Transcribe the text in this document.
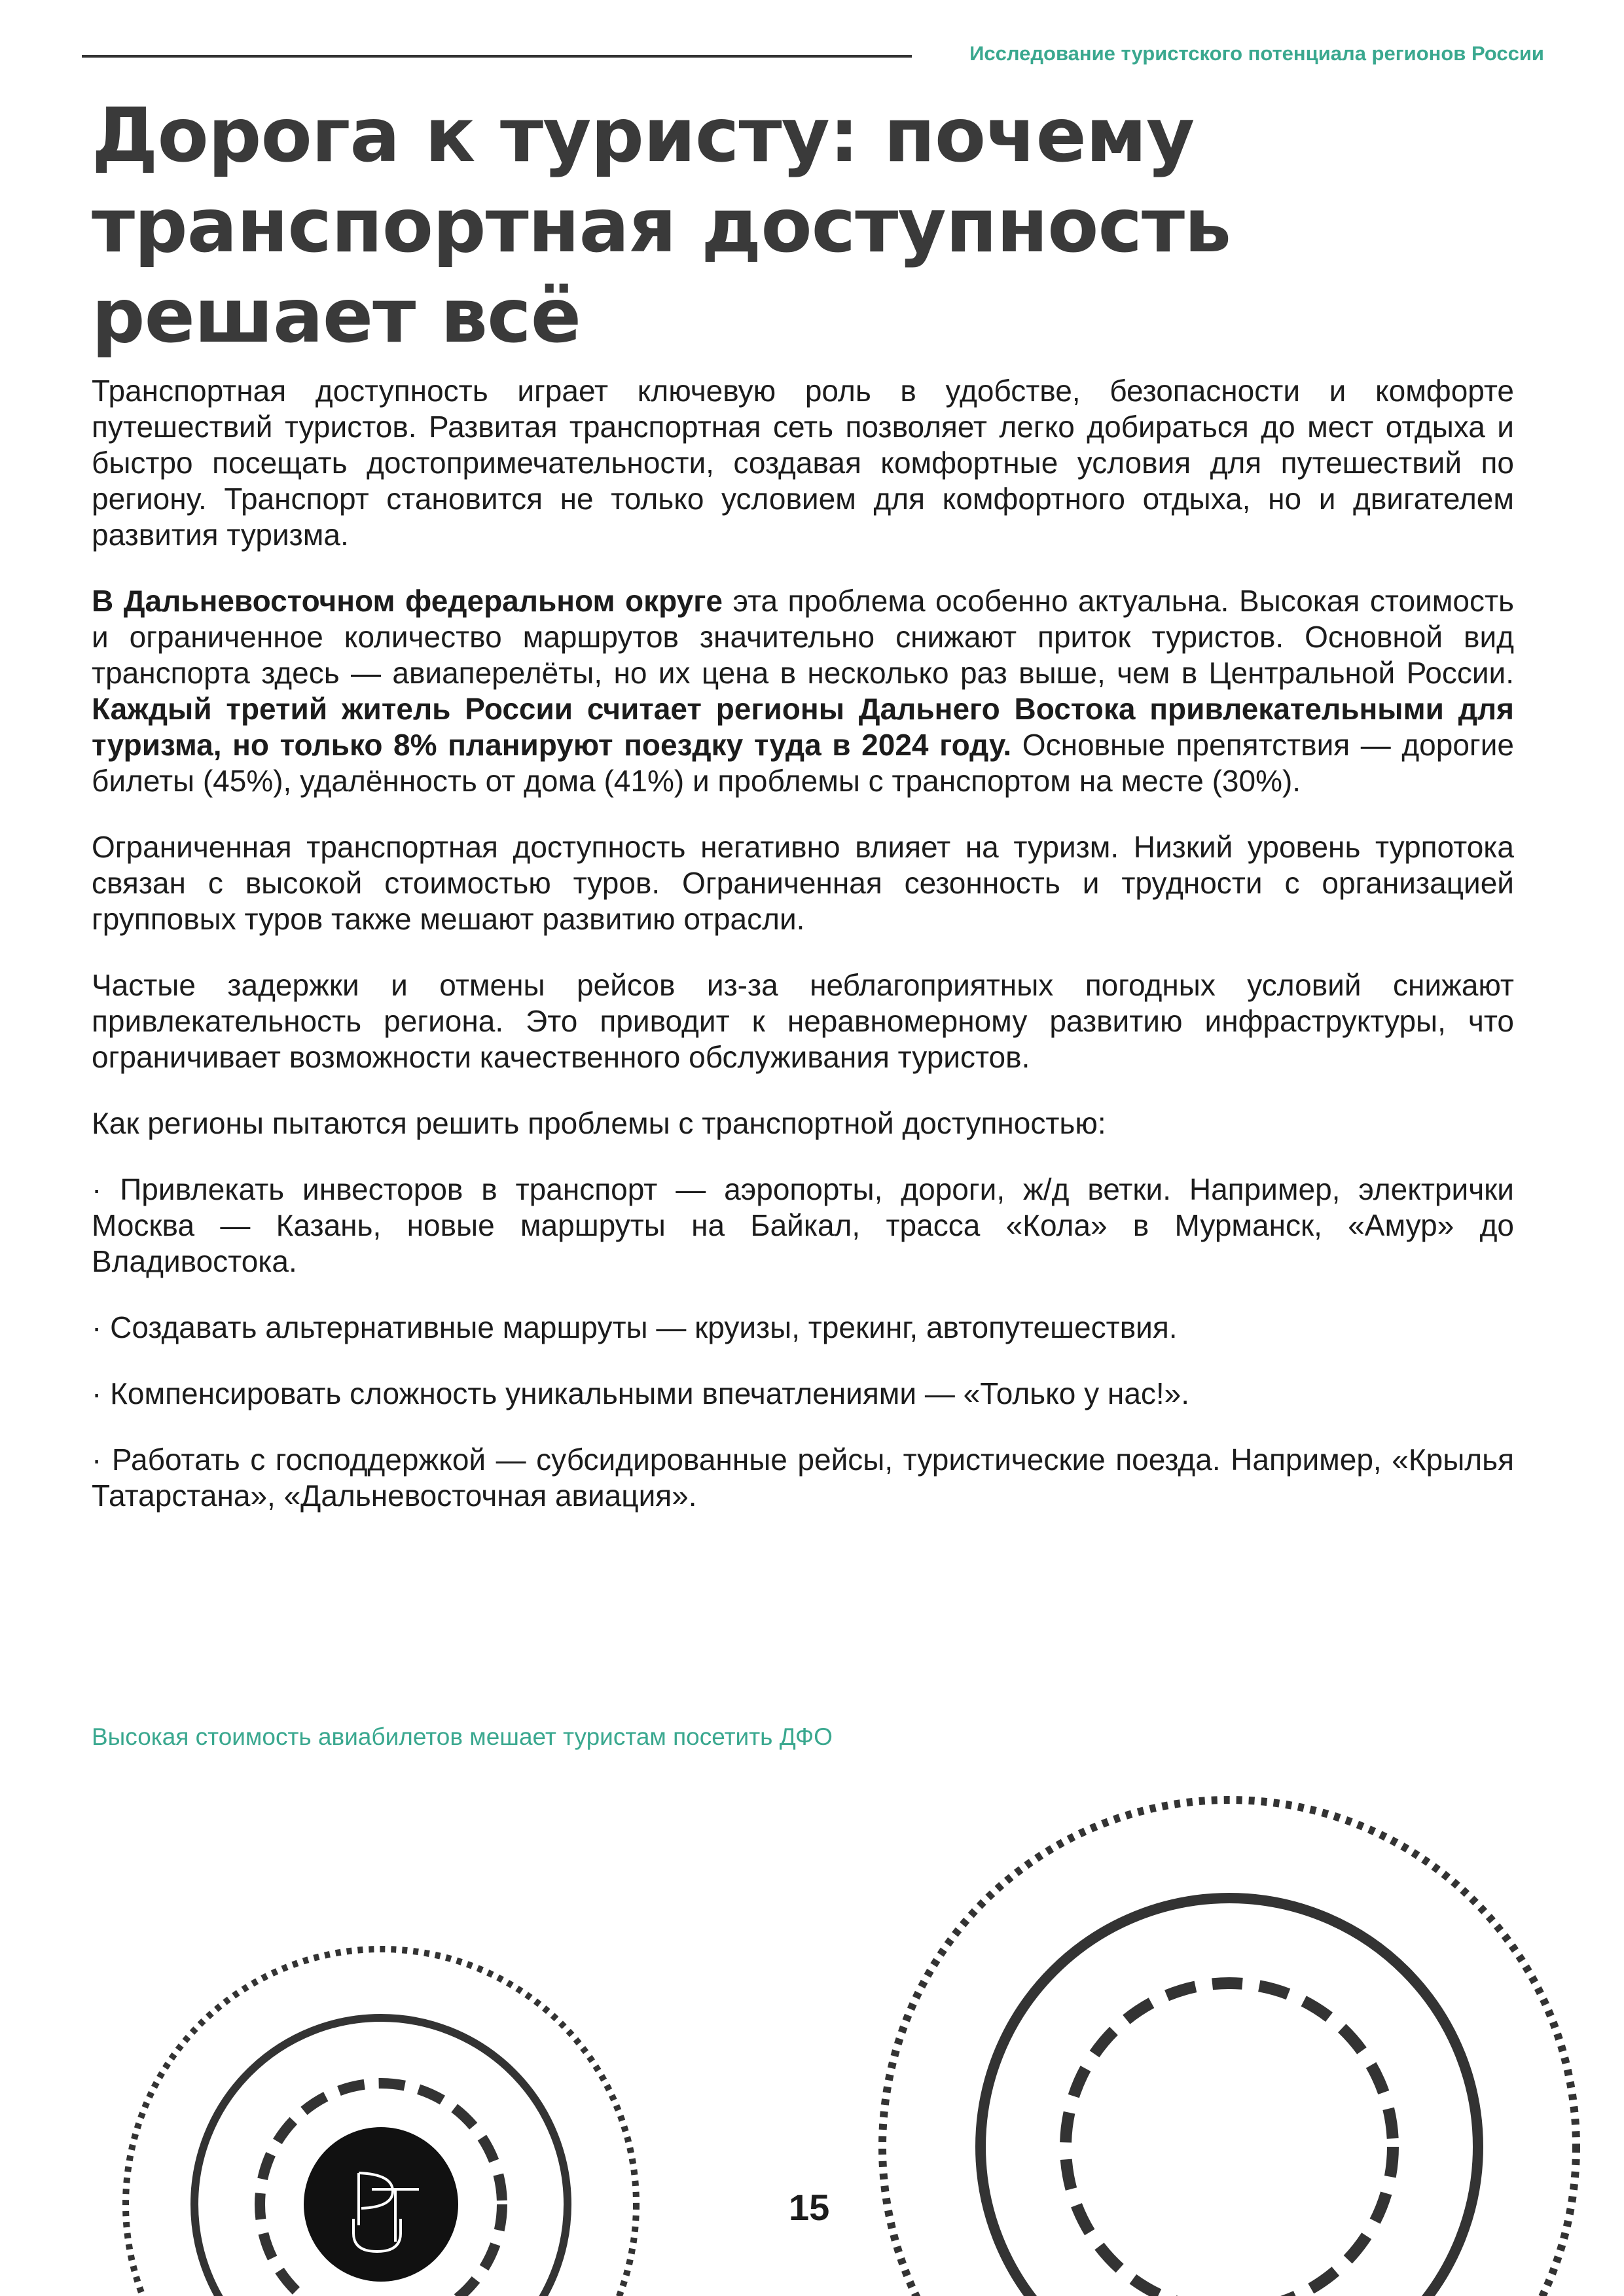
Исследование туристского потенциала регионов России
Дорога к туристу: почему транспортная доступность решает всё

Транспортная доступность играет ключевую роль в удобстве, безопасности и комфорте путешествий туристов. Развитая транспортная сеть позволяет легко добираться до мест отдыха и быстро посещать достопримечательности, создавая комфортные условия для путешествий по региону. Транспорт становится не только условием для комфортного отдыха, но и двигателем развития туризма.

В Дальневосточном федеральном округе эта проблема особенно актуальна. Высокая стоимость и ограниченное количество маршрутов значительно снижают приток туристов. Основной вид транспорта здесь — авиаперелёты, но их цена в несколько раз выше, чем в Центральной России. Каждый третий житель России считает регионы Дальнего Востока привлекательными для туризма, но только 8% планируют поездку туда в 2024 году. Основные препятствия — дорогие билеты (45%), удалённость от дома (41%) и проблемы с транспортом на месте (30%).

Ограниченная транспортная доступность негативно влияет на туризм. Низкий уровень турпотока связан с высокой стоимостью туров. Ограниченная сезонность и трудности с организацией групповых туров также мешают развитию отрасли.

Частые задержки и отмены рейсов из-за неблагоприятных погодных условий снижают привлекательность региона. Это приводит к неравномерному развитию инфраструктуры, что ограничивает возможности качественного обслуживания туристов.

Как регионы пытаются решить проблемы с транспортной доступностью:

· Привлекать инвесторов в транспорт — аэропорты, дороги, ж/д ветки. Например, электрички Москва — Казань, новые маршруты на Байкал, трасса «Кола» в Мурманск, «Амур» до Владивостока.

· Создавать альтернативные маршруты — круизы, трекинг, автопутешествия.

· Компенсировать сложность уникальными впечатлениями — «Только у нас!».

· Работать с господдержкой — субсидированные рейсы, туристические поезда. Например, «Крылья Татарстана», «Дальневосточная авиация».

Высокая стоимость авиабилетов мешает туристам посетить ДФО
15
